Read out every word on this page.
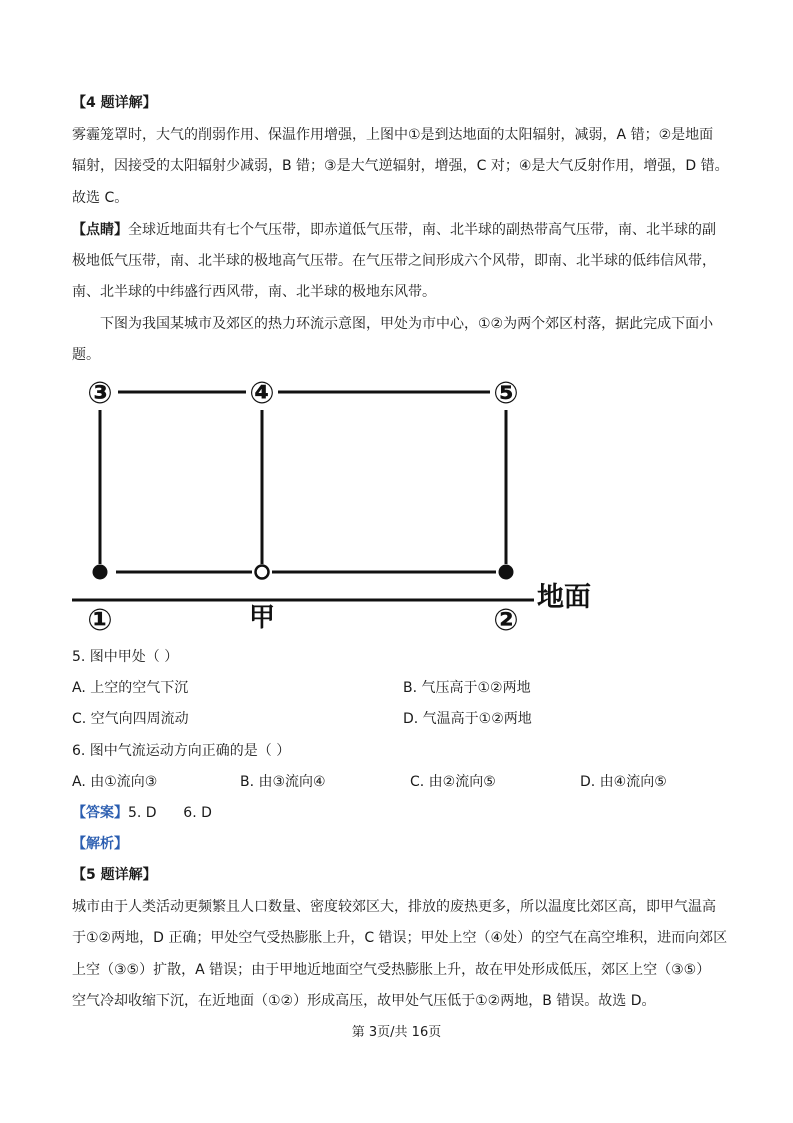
【4 题详解】
雾霾笼罩时，大气的削弱作用、保温作用增强，上图中①是到达地面的太阳辐射，减弱，A 错；②是地面
辐射，因接受的太阳辐射少减弱，B 错；③是大气逆辐射，增强，C 对；④是大气反射作用，增强，D 错。
故选 C。
【点睛】全球近地面共有七个气压带，即赤道低气压带，南、北半球的副热带高气压带，南、北半球的副
极地低气压带，南、北半球的极地高气压带。在气压带之间形成六个风带，即南、北半球的低纬信风带，
南、北半球的中纬盛行西风带，南、北半球的极地东风带。
下图为我国某城市及郊区的热力环流示意图，甲处为市中心，①②为两个郊区村落，据此完成下面小
题。
③	④	⑤
①	甲	②
地面
5. 图中甲处（ ）
A. 上空的空气下沉	B. 气压高于①②两地
C. 空气向四周流动	D. 气温高于①②两地
6. 图中气流运动方向正确的是（ ）
A. 由①流向③	B. 由③流向④	C. 由②流向⑤	D. 由④流向⑤
【答案】5. D      6. D
【解析】
【5 题详解】
城市由于人类活动更频繁且人口数量、密度较郊区大，排放的废热更多，所以温度比郊区高，即甲气温高
于①②两地，D 正确；甲处空气受热膨胀上升，C 错误；甲处上空（④处）的空气在高空堆积，进而向郊区
上空（③⑤）扩散，A 错误；由于甲地近地面空气受热膨胀上升，故在甲处形成低压，郊区上空（③⑤）
空气冷却收缩下沉，在近地面（①②）形成高压，故甲处气压低于①②两地，B 错误。故选 D。
第 3页/共 16页
